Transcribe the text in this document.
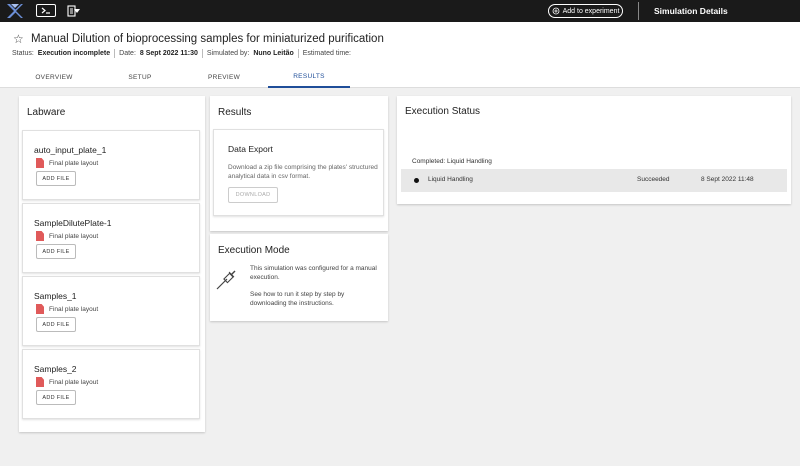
Add to experiment	Simulation Details
☆ Manual Dilution of bioprocessing samples for miniaturized purification
Status: Execution incomplete Date: 8 Sept 2022 11:30 Simulated by: Nuno Leitão Estimated time:
OVERVIEW	SETUP	PREVIEW	RESULTS
Labware
auto_input_plate_1
Final plate layout
ADD FILE
SampleDilutePlate-1
Final plate layout
ADD FILE
Samples_1
Final plate layout
ADD FILE
Samples_2
Final plate layout
ADD FILE
Results
Data Export
Download a zip file comprising the plates' structured analytical data in csv format.
DOWNLOAD
Execution Mode
This simulation was configured for a manual execution.
See how to run it step by step by downloading the instructions.
Execution Status
Completed: Liquid Handling
Liquid Handling	Succeeded	8 Sept 2022 11:48
